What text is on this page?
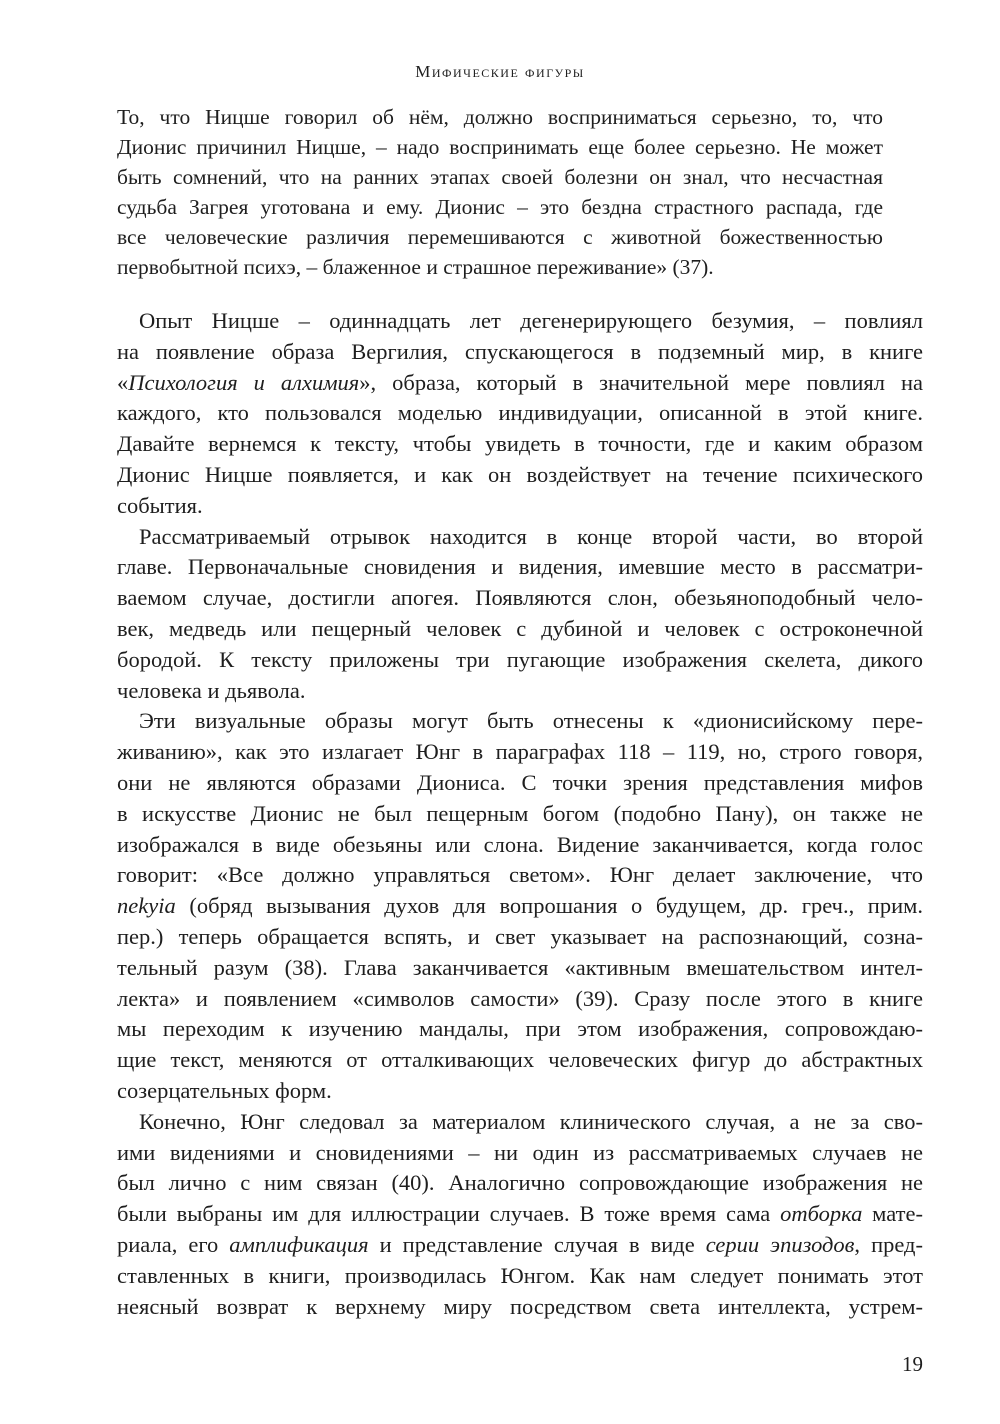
Мифические фигуры
То, что Ницше говорил об нём, должно восприниматься серьезно, то, что
Дионис причинил Ницше, – надо воспринимать еще более серьезно. Не может
быть сомнений, что на ранних этапах своей болезни он знал, что несчастная
судьба Загрея уготована и ему. Дионис – это бездна страстного распада, где
все человеческие различия перемешиваются с животной божественностью
первобытной психэ, – блаженное и страшное переживание» (37).
Опыт Ницше – одиннадцать лет дегенерирующего безумия, – повлиял
на появление образа Вергилия, спускающегося в подземный мир, в книге
«Психология и алхимия», образа, который в значительной мере повлиял на
каждого, кто пользовался моделью индивидуации, описанной в этой книге.
Давайте вернемся к тексту, чтобы увидеть в точности, где и каким образом
Дионис Ницше появляется, и как он воздействует на течение психического
события.
Рассматриваемый отрывок находится в конце второй части, во второй
главе. Первоначальные сновидения и видения, имевшие место в рассматри-
ваемом случае, достигли апогея. Появляются слон, обезьяноподобный чело-
век, медведь или пещерный человек с дубиной и человек с остроконечной
бородой. К тексту приложены три пугающие изображения скелета, дикого
человека и дьявола.
Эти визуальные образы могут быть отнесены к «дионисийскому пере-
живанию», как это излагает Юнг в параграфах 118 – 119, но, строго говоря,
они не являются образами Диониса. С точки зрения представления мифов
в искусстве Дионис не был пещерным богом (подобно Пану), он также не
изображался в виде обезьяны или слона. Видение заканчивается, когда голос
говорит: «Все должно управляться светом». Юнг делает заключение, что
nekyia (обряд вызывания духов для вопрошания о будущем, др. греч., прим.
пер.) теперь обращается вспять, и свет указывает на распознающий, созна-
тельный разум (38). Глава заканчивается «активным вмешательством интел-
лекта» и появлением «символов самости» (39). Сразу после этого в книге
мы переходим к изучению мандалы, при этом изображения, сопровождаю-
щие текст, меняются от отталкивающих человеческих фигур до абстрактных
созерцательных форм.
Конечно, Юнг следовал за материалом клинического случая, а не за сво-
ими видениями и сновидениями – ни один из рассматриваемых случаев не
был лично с ним связан (40). Аналогично сопровождающие изображения не
были выбраны им для иллюстрации случаев. В тоже время сама отборка мате-
риала, его амплификация и представление случая в виде серии эпизодов, пред-
ставленных в книги, производилась Юнгом. Как нам следует понимать этот
неясный возврат к верхнему миру посредством света интеллекта, устрем-
19
